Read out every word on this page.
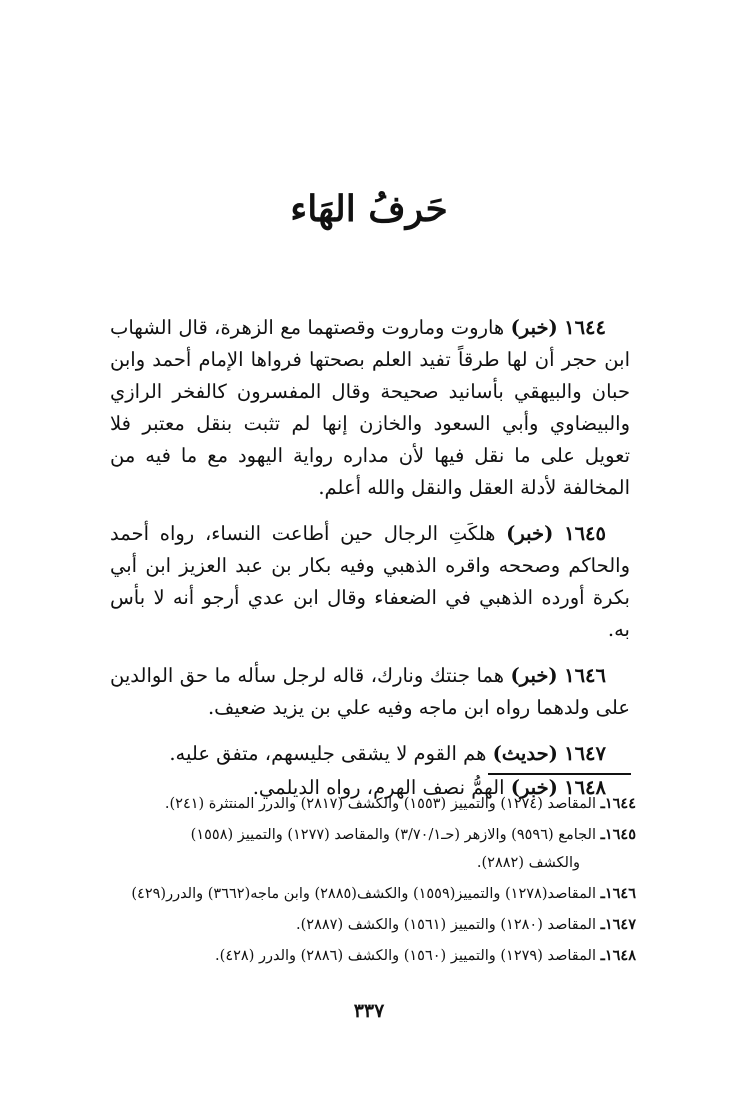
حَرفُ الهَاء

١٦٤٤ (خبر) هاروت وماروت وقصتهما مع الزهرة، قال الشهاب ابن حجر أن لها طرقاً تفيد العلم بصحتها فرواها الإمام أحمد وابن حبان والبيهقي بأسانيد صحيحة وقال المفسرون كالفخر الرازي والبيضاوي وأبي السعود والخازن إنها لم تثبت بنقل معتبر فلا تعويل على ما نقل فيها لأن مداره رواية اليهود مع ما فيه من المخالفة لأدلة العقل والنقل والله أعلم.

١٦٤٥ (خبر) هلكَتِ الرجال حين أطاعت النساء، رواه أحمد والحاكم وصححه واقره الذهبي وفيه بكار بن عبد العزيز ابن أبي بكرة أورده الذهبي في الضعفاء وقال ابن عدي أرجو أنه لا بأس به.

١٦٤٦ (خبر) هما جنتك ونارك، قاله لرجل سأله ما حق الوالدين على ولدهما رواه ابن ماجه وفيه علي بن يزيد ضعيف.

١٦٤٧ (حديث) هم القوم لا يشقى جليسهم، متفق عليه.

١٦٤٨ (خبر) الهمُّ نصف الهرم، رواه الديلمي.

١٦٤٤ـ المقاصد (١٢٧٤) والتمييز (١٥٥٣) والكشف (٢٨١٧) والدرر المنتثرة (٢٤١).

١٦٤٥ـ الجامع (٩٥٩٦) والازهر (حـ٣/٧٠/١) والمقاصد (١٢٧٧) والتمييز (١٥٥٨)
والكشف (٢٨٨٢).

١٦٤٦ـ المقاصد(١٢٧٨) والتمييز(١٥٥٩) والكشف(٢٨٨٥) وابن ماجه(٣٦٦٢) والدرر(٤٢٩)

١٦٤٧ـ المقاصد (١٢٨٠) والتمييز (١٥٦١) والكشف (٢٨٨٧).

١٦٤٨ـ المقاصد (١٢٧٩) والتمييز (١٥٦٠) والكشف (٢٨٨٦) والدرر (٤٢٨).

٣٣٧
